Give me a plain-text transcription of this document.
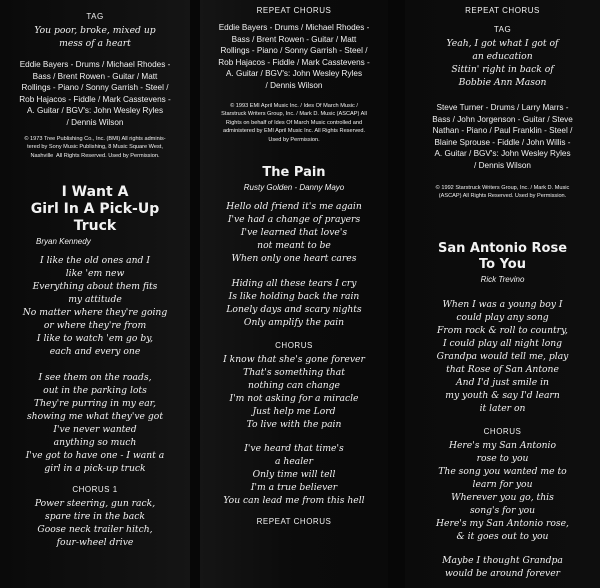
TAG
You poor, broke, mixed up
mess of a heart
Eddie Bayers - Drums / Michael Rhodes -
Bass / Brent Rowen - Guitar / Matt
Rollings - Piano / Sonny Garrish - Steel /
Rob Hajacos - Fiddle / Mark Casstevens -
A. Guitar / BGV's: John Wesley Ryles
/ Dennis Wilson
© 1973 Tree Publishing Co., Inc. (BMI) All rights adminis-
tered by Sony Music Publishing, 8 Music Square West,
Nashville  All Rights Reserved. Used by Permission.
I Want A
Girl In A Pick-Up
Truck
Bryan Kennedy
I like the old ones and I
like 'em new
Everything about them fits
my attitude
No matter where they're going
or where they're from
I like to watch 'em go by,
each and every one
I see them on the roads,
out in the parking lots
They're purring in my ear,
showing me what they've got
I've never wanted
anything so much
I've got to have one - I want a
girl in a pick-up truck
CHORUS 1
Power steering, gun rack,
spare tire in the back
Goose neck trailer hitch,
four-wheel drive
REPEAT CHORUS
Eddie Bayers - Drums / Michael Rhodes -
Bass / Brent Rowen - Guitar / Matt
Rollings - Piano / Sonny Garrish - Steel /
Rob Hajacos - Fiddle / Mark Casstevens -
A. Guitar / BGV's: John Wesley Ryles
/ Dennis Wilson
© 1993 EMI April Music Inc. / Ides Of March Music /
Starstruck Writers Group, Inc. / Mark D. Music (ASCAP) All
Rights on behalf of Ides Of March Music controlled and
administered by EMI April Music Inc. All Rights Reserved.
Used by Permission.
The Pain
Rusty Golden - Danny Mayo
Hello old friend it's me again
I've had a change of prayers
I've learned that love's
not meant to be
When only one heart cares
Hiding all these tears I cry
Is like holding back the rain
Lonely days and scary nights
Only amplify the pain
CHORUS
I know that she's gone forever
That's something that
nothing can change
I'm not asking for a miracle
Just help me Lord
To live with the pain
I've heard that time's
a healer
Only time will tell
I'm a true believer
You can lead me from this hell
REPEAT CHORUS
REPEAT CHORUS
TAG
Yeah, I got what I got of
an education
Sittin' right in back of
Bobbie Ann Mason
Steve Turner - Drums / Larry Marrs -
Bass / John Jorgenson - Guitar / Steve
Nathan - Piano / Paul Franklin - Steel /
Blaine Sprouse - Fiddle / John Willis -
A. Guitar / BGV's: John Wesley Ryles
/ Dennis Wilson
© 1992 Starstruck Writers Group, Inc. / Mark D. Music
(ASCAP) All Rights Reserved. Used by Permission.
San Antonio Rose
To You
Rick Trevino
When I was a young boy I
could play any song
From rock & roll to country,
I could play all night long
Grandpa would tell me, play
that Rose of San Antone
And I'd just smile in
my youth & say I'd learn
it later on
CHORUS
Here's my San Antonio
rose to you
The song you wanted me to
learn for you
Wherever you go, this
song's for you
Here's my San Antonio rose,
& it goes out to you
Maybe I thought Grandpa
would be around forever
